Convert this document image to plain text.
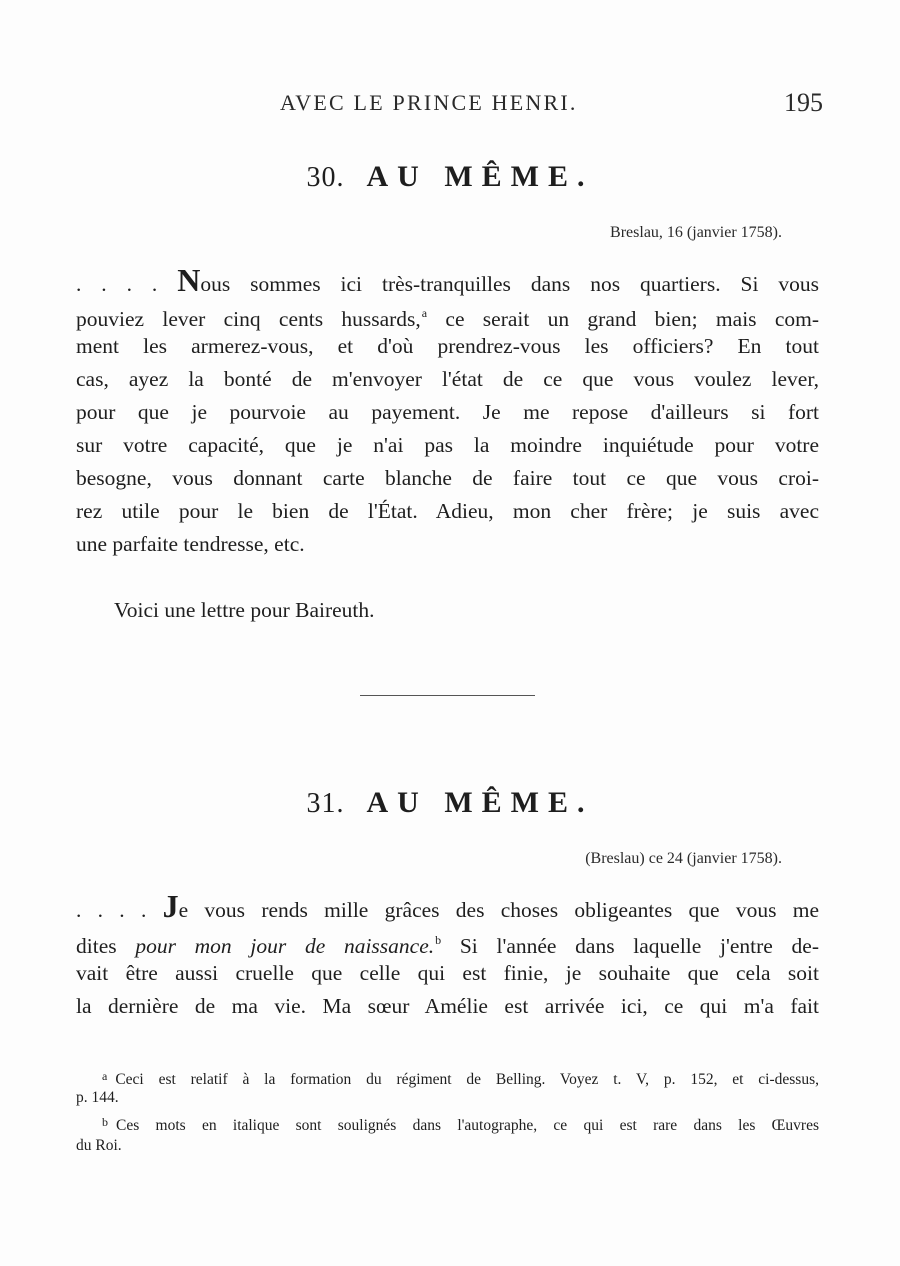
AVEC LE PRINCE HENRI.	195
30. AU MÊME.
Breslau, 16 (janvier 1758).
. . . . Nous sommes ici très-tranquilles dans nos quartiers. Si vous
pouviez lever cinq cents hussards,$^a$ ce serait un grand bien; mais com-
ment les armerez-vous, et d'où prendrez-vous les officiers? En tout
cas, ayez la bonté de m'envoyer l'état de ce que vous voulez lever,
pour que je pourvoie au payement. Je me repose d'ailleurs si fort
sur votre capacité, que je n'ai pas la moindre inquiétude pour votre
besogne, vous donnant carte blanche de faire tout ce que vous croi-
rez utile pour le bien de l'État. Adieu, mon cher frère; je suis avec
une parfaite tendresse, etc.
Voici une lettre pour Baireuth.
31. AU MÊME.
(Breslau) ce 24 (janvier 1758).
. . . . Je vous rends mille grâces des choses obligeantes que vous me
dites pour mon jour de naissance.$^b$ Si l'année dans laquelle j'entre de-
vait être aussi cruelle que celle qui est finie, je souhaite que cela soit
la dernière de ma vie. Ma sœur Amélie est arrivée ici, ce qui m'a fait
$^a$ Ceci est relatif à la formation du régiment de Belling. Voyez t. V, p. 152, et ci-dessus,
p. 144.
$^b$ Ces mots en italique sont soulignés dans l'autographe, ce qui est rare dans les Œuvres
du Roi.
